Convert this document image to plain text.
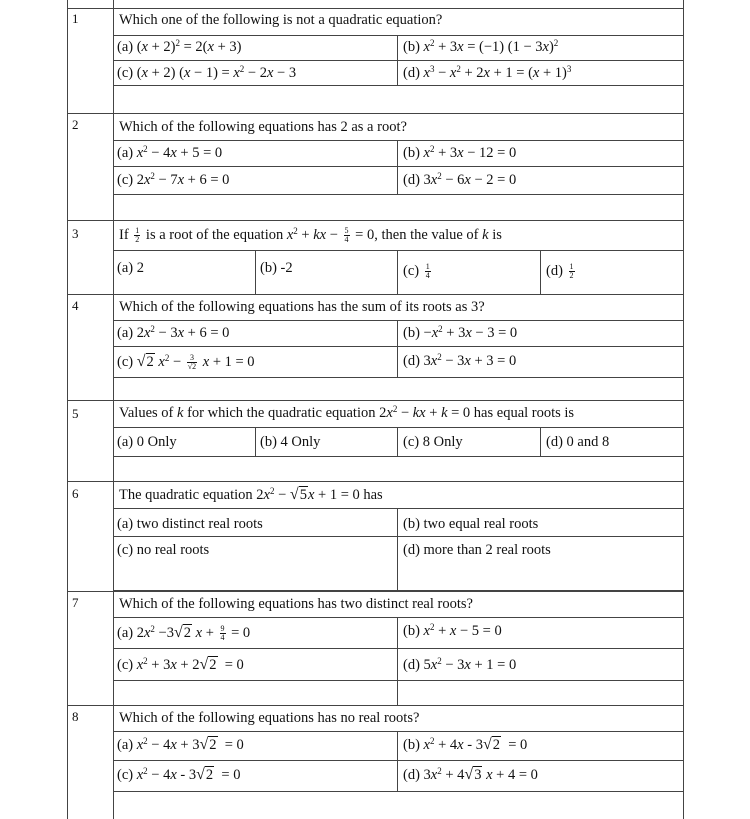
1	Which one of the following is not a quadratic equation?
(a) $(x + 2)^2 = 2(x + 3)$	(b) $x^2 + 3x = (-1) (1 - 3x)^2$
(c) (x + 2) $(x - 1) = x^2 - 2x - 3$	(d) $x^3 - x^2 + 2x + 1 = (x + 1)^3$
2	Which of the following equations has 2 as a root?
(a) $x^2 - 4x + 5 = 0$	(b) $x^2 + 3x - 12 = 0$
(c) $2x^2 - 7x + 6 = 0$	(d) $3x^2 - 6x - 2 = 0$
3	If $\frac{1}{2}$ is a root of the equation $x^2$ + kx − $\frac{5}{4} = 0$, then the value of k is
(a) 2	(b) -2	$(c) \frac{1}{4}$	$(d) \frac{1}{2}$
4	Which of the following equations has the sum of its roots as 3?
(a) $2x^2 - 3x + 6 = 0$	$(b) -x^2 + 3x - 3 = 0$
(c) √2 $x^2 - \frac{3}{√2}$ x + 1 = 0	(d) $3x^2 - 3x + 3 = 0$
5	Values of k for which the quadratic equation $2x^2$ − kx + k = 0 has equal roots is
(a) 0 Only	(b) 4 Only	(c) 8 Only	(d) 0 and 8
6	The quadratic equation $2x^2 - √5x + 1 = 0$ has
(a) two distinct real roots	(b) two equal real roots
(c) no real roots	(d) more than 2 real roots
7	Which of the following equations has two distinct real roots?
(a) $2x^2 -3√2$ $x + \frac{9}{4} = 0$	(b) $x^2 + x - 5 = 0$
(c) $x^2 + 3x + 2√2 = 0$	(d) $5x^2 - 3x + 1 = 0$
8	Which of the following equations has no real roots?
(a) $x^2 - 4x + 3√2 = 0$	(b) $x^2 + 4x - 3√2 = 0$
(c) $x^2 - 4x - 3√2 = 0$	(d) $3x^2 + 4√3$ x + 4 = 0
